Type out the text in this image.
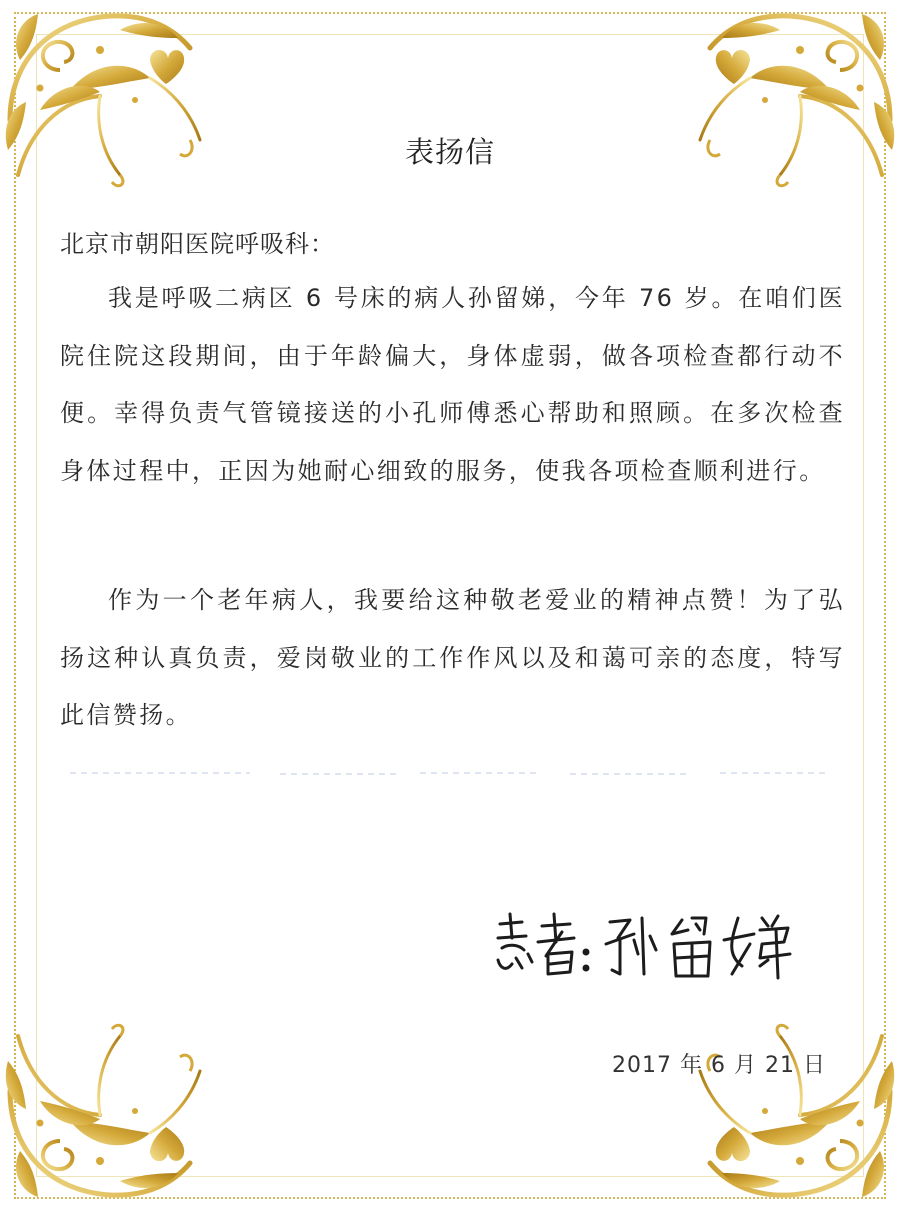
表扬信
北京市朝阳医院呼吸科：

我是呼吸二病区 6 号床的病人孙留娣，今年 76 岁。在咱们医院住院这段期间，由于年龄偏大，身体虚弱，做各项检查都行动不便。幸得负责气管镜接送的小孔师傅悉心帮助和照顾。在多次检查身体过程中，正因为她耐心细致的服务，使我各项检查顺利进行。

作为一个老年病人，我要给这种敬老爱业的精神点赞！为了弘扬这种认真负责，爱岗敬业的工作作风以及和蔼可亲的态度，特写此信赞扬。

2017 年 6 月 21 日
